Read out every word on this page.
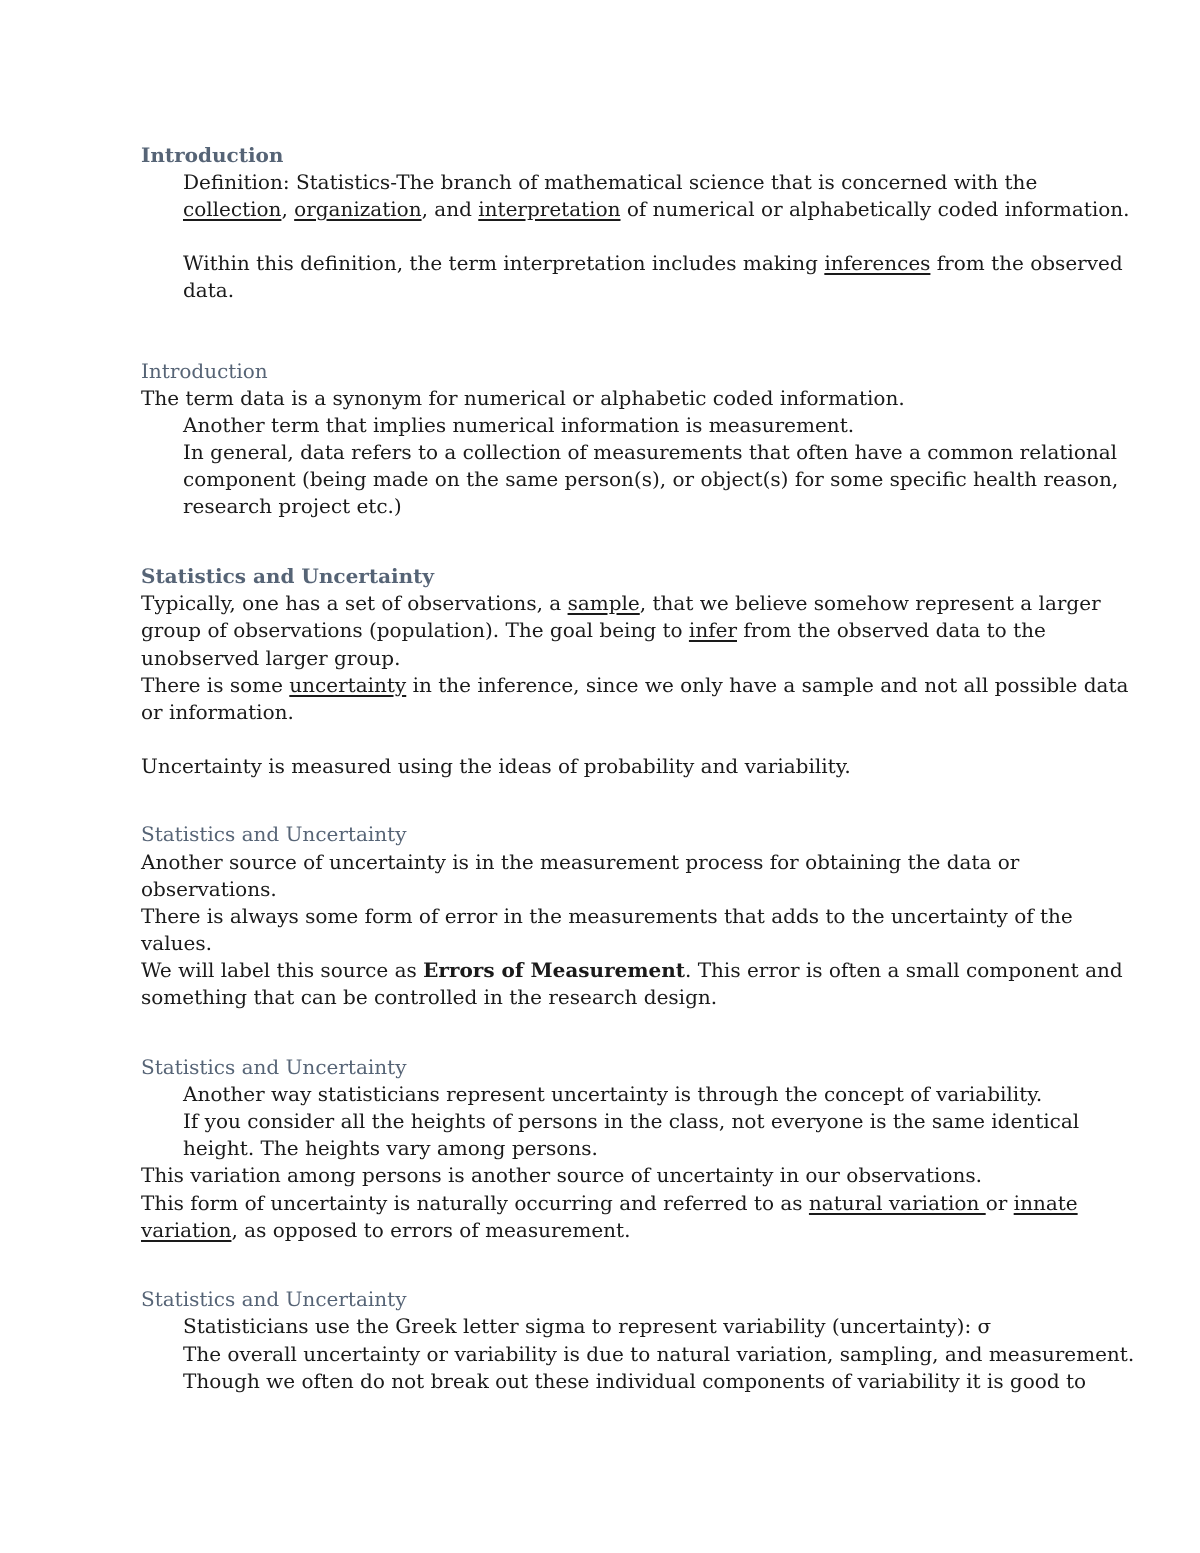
Introduction
Definition: Statistics-The branch of mathematical science that is concerned with the
collection, organization, and interpretation of numerical or alphabetically coded information.
Within this definition, the term interpretation includes making inferences from the observed
data.
Introduction
The term data is a synonym for numerical or alphabetic coded information.
Another term that implies numerical information is measurement.
In general, data refers to a collection of measurements that often have a common relational
component (being made on the same person(s), or object(s) for some specific health reason,
research project etc.)
Statistics and Uncertainty
Typically, one has a set of observations, a sample, that we believe somehow represent a larger
group of observations (population). The goal being to infer from the observed data to the
unobserved larger group.
There is some uncertainty in the inference, since we only have a sample and not all possible data
or information.
Uncertainty is measured using the ideas of probability and variability.
Statistics and Uncertainty
Another source of uncertainty is in the measurement process for obtaining the data or
observations.
There is always some form of error in the measurements that adds to the uncertainty of the
values.
We will label this source as Errors of Measurement. This error is often a small component and
something that can be controlled in the research design.
Statistics and Uncertainty
Another way statisticians represent uncertainty is through the concept of variability.
If you consider all the heights of persons in the class, not everyone is the same identical
height. The heights vary among persons.
This variation among persons is another source of uncertainty in our observations.
This form of uncertainty is naturally occurring and referred to as natural variation or innate
variation, as opposed to errors of measurement.
Statistics and Uncertainty
Statisticians use the Greek letter sigma to represent variability (uncertainty): σ
The overall uncertainty or variability is due to natural variation, sampling, and measurement.
Though we often do not break out these individual components of variability it is good to
